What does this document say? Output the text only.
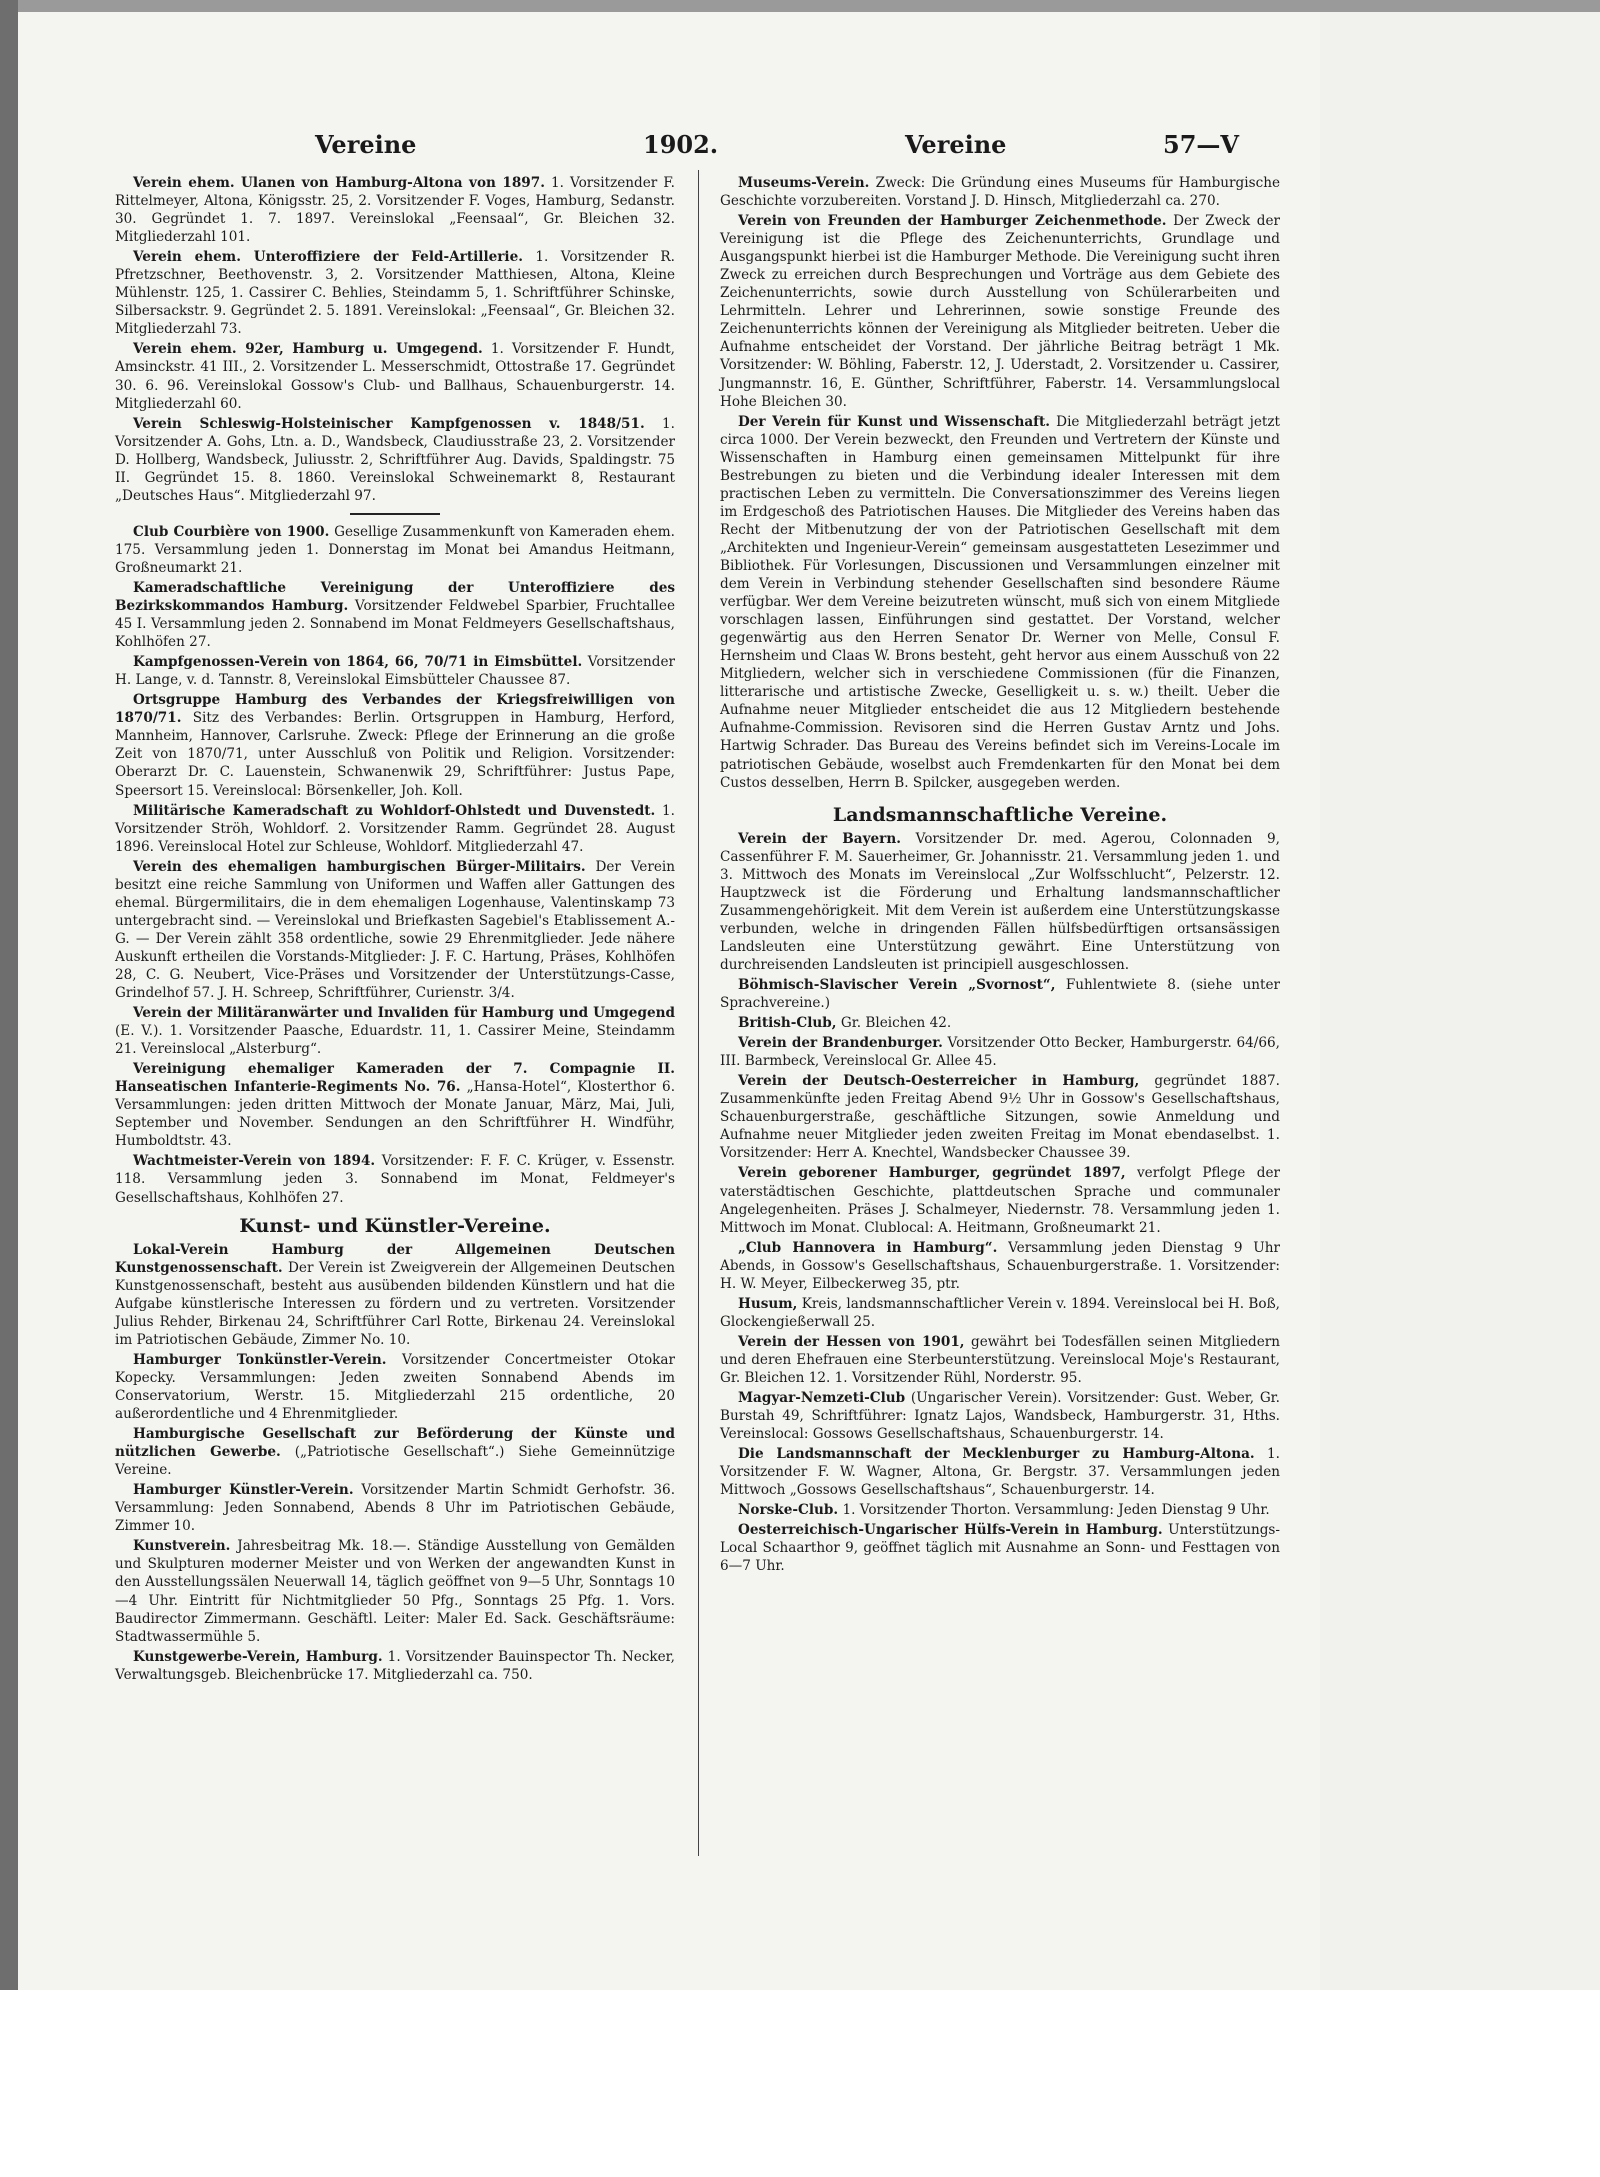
Vereine	1902.	Vereine	57—V

Verein ehem. Ulanen von Hamburg-Altona von 1897. 1. Vorsitzender F. Rittelmeyer, Altona, Königsstr. 25, 2. Vorsitzender F. Voges, Hamburg, Sedanstr. 30. Gegründet 1. 7. 1897. Vereinslokal „Feensaal“, Gr. Bleichen 32. Mitgliederzahl 101.

Verein ehem. Unteroffiziere der Feld-Artillerie. 1. Vorsitzender R. Pfretzschner, Beethovenstr. 3, 2. Vorsitzender Matthiesen, Altona, Kleine Mühlenstr. 125, 1. Cassirer C. Behlies, Steindamm 5, 1. Schriftführer Schinske, Silbersackstr. 9. Gegründet 2. 5. 1891. Vereinslokal: „Feensaal“, Gr. Bleichen 32. Mitgliederzahl 73.

Verein ehem. 92er, Hamburg u. Umgegend. 1. Vorsitzender F. Hundt, Amsinckstr. 41 III., 2. Vorsitzender L. Messerschmidt, Ottostraße 17. Gegründet 30. 6. 96. Vereinslokal Gossow's Club- und Ballhaus, Schauenburgerstr. 14. Mitgliederzahl 60.

Verein Schleswig-Holsteinischer Kampfgenossen v. 1848/51. 1. Vorsitzender A. Gohs, Ltn. a. D., Wandsbeck, Claudiusstraße 23, 2. Vorsitzender D. Hollberg, Wandsbeck, Juliusstr. 2, Schriftführer Aug. Davids, Spaldingstr. 75 II. Gegründet 15. 8. 1860. Vereinslokal Schweinemarkt 8, Restaurant „Deutsches Haus“. Mitgliederzahl 97.

Club Courbière von 1900. Gesellige Zusammenkunft von Kameraden ehem. 175. Versammlung jeden 1. Donnerstag im Monat bei Amandus Heitmann, Großneumarkt 21.

Kameradschaftliche Vereinigung der Unteroffiziere des Bezirkskommandos Hamburg. Vorsitzender Feldwebel Sparbier, Fruchtallee 45 I. Versammlung jeden 2. Sonnabend im Monat Feldmeyers Gesellschaftshaus, Kohlhöfen 27.

Kampfgenossen-Verein von 1864, 66, 70/71 in Eimsbüttel. Vorsitzender H. Lange, v. d. Tannstr. 8, Vereinslokal Eimsbütteler Chaussee 87.

Ortsgruppe Hamburg des Verbandes der Kriegsfreiwilligen von 1870/71. Sitz des Verbandes: Berlin. Ortsgruppen in Hamburg, Herford, Mannheim, Hannover, Carlsruhe. Zweck: Pflege der Erinnerung an die große Zeit von 1870/71, unter Ausschluß von Politik und Religion. Vorsitzender: Oberarzt Dr. C. Lauenstein, Schwanenwik 29, Schriftführer: Justus Pape, Speersort 15. Vereinslocal: Börsenkeller, Joh. Koll.

Militärische Kameradschaft zu Wohldorf-Ohlstedt und Duvenstedt. 1. Vorsitzender Ströh, Wohldorf. 2. Vorsitzender Ramm. Gegründet 28. August 1896. Vereinslocal Hotel zur Schleuse, Wohldorf. Mitgliederzahl 47.

Verein des ehemaligen hamburgischen Bürger-Militairs. Der Verein besitzt eine reiche Sammlung von Uniformen und Waffen aller Gattungen des ehemal. Bürgermilitairs, die in dem ehemaligen Logenhause, Valentinskamp 73 untergebracht sind. — Vereinslokal und Briefkasten Sagebiel's Etablissement A.-G. — Der Verein zählt 358 ordentliche, sowie 29 Ehrenmitglieder. Jede nähere Auskunft ertheilen die Vorstands-Mitglieder: J. F. C. Hartung, Präses, Kohlhöfen 28, C. G. Neubert, Vice-Präses und Vorsitzender der Unterstützungs-Casse, Grindelhof 57. J. H. Schreep, Schriftführer, Curienstr. 3/4.

Verein der Militäranwärter und Invaliden für Hamburg und Umgegend (E. V.). 1. Vorsitzender Paasche, Eduardstr. 11, 1. Cassirer Meine, Steindamm 21. Vereinslocal „Alsterburg“.

Vereinigung ehemaliger Kameraden der 7. Compagnie II. Hanseatischen Infanterie-Regiments No. 76. „Hansa-Hotel“, Klosterthor 6. Versammlungen: jeden dritten Mittwoch der Monate Januar, März, Mai, Juli, September und November. Sendungen an den Schriftführer H. Windführ, Humboldtstr. 43.

Wachtmeister-Verein von 1894. Vorsitzender: F. F. C. Krüger, v. Essenstr. 118. Versammlung jeden 3. Sonnabend im Monat, Feldmeyer's Gesellschaftshaus, Kohlhöfen 27.

Kunst- und Künstler-Vereine.

Lokal-Verein Hamburg der Allgemeinen Deutschen Kunstgenossenschaft. Der Verein ist Zweigverein der Allgemeinen Deutschen Kunstgenossenschaft, besteht aus ausübenden bildenden Künstlern und hat die Aufgabe künstlerische Interessen zu fördern und zu vertreten. Vorsitzender Julius Rehder, Birkenau 24, Schriftführer Carl Rotte, Birkenau 24. Vereinslokal im Patriotischen Gebäude, Zimmer No. 10.

Hamburger Tonkünstler-Verein. Vorsitzender Concertmeister Otokar Kopecky. Versammlungen: Jeden zweiten Sonnabend Abends im Conservatorium, Werstr. 15. Mitgliederzahl 215 ordentliche, 20 außerordentliche und 4 Ehrenmitglieder.

Hamburgische Gesellschaft zur Beförderung der Künste und nützlichen Gewerbe. („Patriotische Gesellschaft“.) Siehe Gemeinnützige Vereine.

Hamburger Künstler-Verein. Vorsitzender Martin Schmidt Gerhofstr. 36. Versammlung: Jeden Sonnabend, Abends 8 Uhr im Patriotischen Gebäude, Zimmer 10.

Kunstverein. Jahresbeitrag Mk. 18.—. Ständige Ausstellung von Gemälden und Skulpturen moderner Meister und von Werken der angewandten Kunst in den Ausstellungssälen Neuerwall 14, täglich geöffnet von 9—5 Uhr, Sonntags 10—4 Uhr. Eintritt für Nichtmitglieder 50 Pfg., Sonntags 25 Pfg. 1. Vors. Baudirector Zimmermann. Geschäftl. Leiter: Maler Ed. Sack. Geschäftsräume: Stadtwassermühle 5.

Kunstgewerbe-Verein, Hamburg. 1. Vorsitzender Bauinspector Th. Necker, Verwaltungsgeb. Bleichenbrücke 17. Mitgliederzahl ca. 750.

Museums-Verein. Zweck: Die Gründung eines Museums für Hamburgische Geschichte vorzubereiten. Vorstand J. D. Hinsch, Mitgliederzahl ca. 270.

Verein von Freunden der Hamburger Zeichenmethode. Der Zweck der Vereinigung ist die Pflege des Zeichenunterrichts, Grundlage und Ausgangspunkt hierbei ist die Hamburger Methode. Die Vereinigung sucht ihren Zweck zu erreichen durch Besprechungen und Vorträge aus dem Gebiete des Zeichenunterrichts, sowie durch Ausstellung von Schülerarbeiten und Lehrmitteln. Lehrer und Lehrerinnen, sowie sonstige Freunde des Zeichenunterrichts können der Vereinigung als Mitglieder beitreten. Ueber die Aufnahme entscheidet der Vorstand. Der jährliche Beitrag beträgt 1 Mk. Vorsitzender: W. Böhling, Faberstr. 12, J. Uderstadt, 2. Vorsitzender u. Cassirer, Jungmannstr. 16, E. Günther, Schriftführer, Faberstr. 14. Versammlungslocal Hohe Bleichen 30.

Der Verein für Kunst und Wissenschaft. Die Mitgliederzahl beträgt jetzt circa 1000. Der Verein bezweckt, den Freunden und Vertretern der Künste und Wissenschaften in Hamburg einen gemeinsamen Mittelpunkt für ihre Bestrebungen zu bieten und die Verbindung idealer Interessen mit dem practischen Leben zu vermitteln. Die Conversationszimmer des Vereins liegen im Erdgeschoß des Patriotischen Hauses. Die Mitglieder des Vereins haben das Recht der Mitbenutzung der von der Patriotischen Gesellschaft mit dem „Architekten und Ingenieur-Verein“ gemeinsam ausgestatteten Lesezimmer und Bibliothek. Für Vorlesungen, Discussionen und Versammlungen einzelner mit dem Verein in Verbindung stehender Gesellschaften sind besondere Räume verfügbar. Wer dem Vereine beizutreten wünscht, muß sich von einem Mitgliede vorschlagen lassen, Einführungen sind gestattet. Der Vorstand, welcher gegenwärtig aus den Herren Senator Dr. Werner von Melle, Consul F. Hernsheim und Claas W. Brons besteht, geht hervor aus einem Ausschuß von 22 Mitgliedern, welcher sich in verschiedene Commissionen (für die Finanzen, litterarische und artistische Zwecke, Geselligkeit u. s. w.) theilt. Ueber die Aufnahme neuer Mitglieder entscheidet die aus 12 Mitgliedern bestehende Aufnahme-Commission. Revisoren sind die Herren Gustav Arntz und Johs. Hartwig Schrader. Das Bureau des Vereins befindet sich im Vereins-Locale im patriotischen Gebäude, woselbst auch Fremdenkarten für den Monat bei dem Custos desselben, Herrn B. Spilcker, ausgegeben werden.

Landsmannschaftliche Vereine.

Verein der Bayern. Vorsitzender Dr. med. Agerou, Colonnaden 9, Cassenführer F. M. Sauerheimer, Gr. Johannisstr. 21. Versammlung jeden 1. und 3. Mittwoch des Monats im Vereinslocal „Zur Wolfsschlucht“, Pelzerstr. 12. Hauptzweck ist die Förderung und Erhaltung landsmannschaftlicher Zusammengehörigkeit. Mit dem Verein ist außerdem eine Unterstützungskasse verbunden, welche in dringenden Fällen hülfsbedürftigen ortsansässigen Landsleuten eine Unterstützung gewährt. Eine Unterstützung von durchreisenden Landsleuten ist principiell ausgeschlossen.

Böhmisch-Slavischer Verein „Svornost“, Fuhlentwiete 8. (siehe unter Sprachvereine.)

British-Club, Gr. Bleichen 42.

Verein der Brandenburger. Vorsitzender Otto Becker, Hamburgerstr. 64/66, III. Barmbeck, Vereinslocal Gr. Allee 45.

Verein der Deutsch-Oesterreicher in Hamburg, gegründet 1887. Zusammenkünfte jeden Freitag Abend 9½ Uhr in Gossow's Gesellschaftshaus, Schauenburgerstraße, geschäftliche Sitzungen, sowie Anmeldung und Aufnahme neuer Mitglieder jeden zweiten Freitag im Monat ebendaselbst. 1. Vorsitzender: Herr A. Knechtel, Wandsbecker Chaussee 39.

Verein geborener Hamburger, gegründet 1897, verfolgt Pflege der vaterstädtischen Geschichte, plattdeutschen Sprache und communaler Angelegenheiten. Präses J. Schalmeyer, Niedernstr. 78. Versammlung jeden 1. Mittwoch im Monat. Clublocal: A. Heitmann, Großneumarkt 21.

„Club Hannovera in Hamburg“. Versammlung jeden Dienstag 9 Uhr Abends, in Gossow's Gesellschaftshaus, Schauenburgerstraße. 1. Vorsitzender: H. W. Meyer, Eilbeckerweg 35, ptr.

Husum, Kreis, landsmannschaftlicher Verein v. 1894. Vereinslocal bei H. Boß, Glockengießerwall 25.

Verein der Hessen von 1901, gewährt bei Todesfällen seinen Mitgliedern und deren Ehefrauen eine Sterbeunterstützung. Vereinslocal Moje's Restaurant, Gr. Bleichen 12. 1. Vorsitzender Rühl, Norderstr. 95.

Magyar-Nemzeti-Club (Ungarischer Verein). Vorsitzender: Gust. Weber, Gr. Burstah 49, Schriftführer: Ignatz Lajos, Wandsbeck, Hamburgerstr. 31, Hths. Vereinslocal: Gossows Gesellschaftshaus, Schauenburgerstr. 14.

Die Landsmannschaft der Mecklenburger zu Hamburg-Altona. 1. Vorsitzender F. W. Wagner, Altona, Gr. Bergstr. 37. Versammlungen jeden Mittwoch „Gossows Gesellschaftshaus“, Schauenburgerstr. 14.

Norske-Club. 1. Vorsitzender Thorton. Versammlung: Jeden Dienstag 9 Uhr.

Oesterreichisch-Ungarischer Hülfs-Verein in Hamburg. Unterstützungs-Local Schaarthor 9, geöffnet täglich mit Ausnahme an Sonn- und Festtagen von 6—7 Uhr.
